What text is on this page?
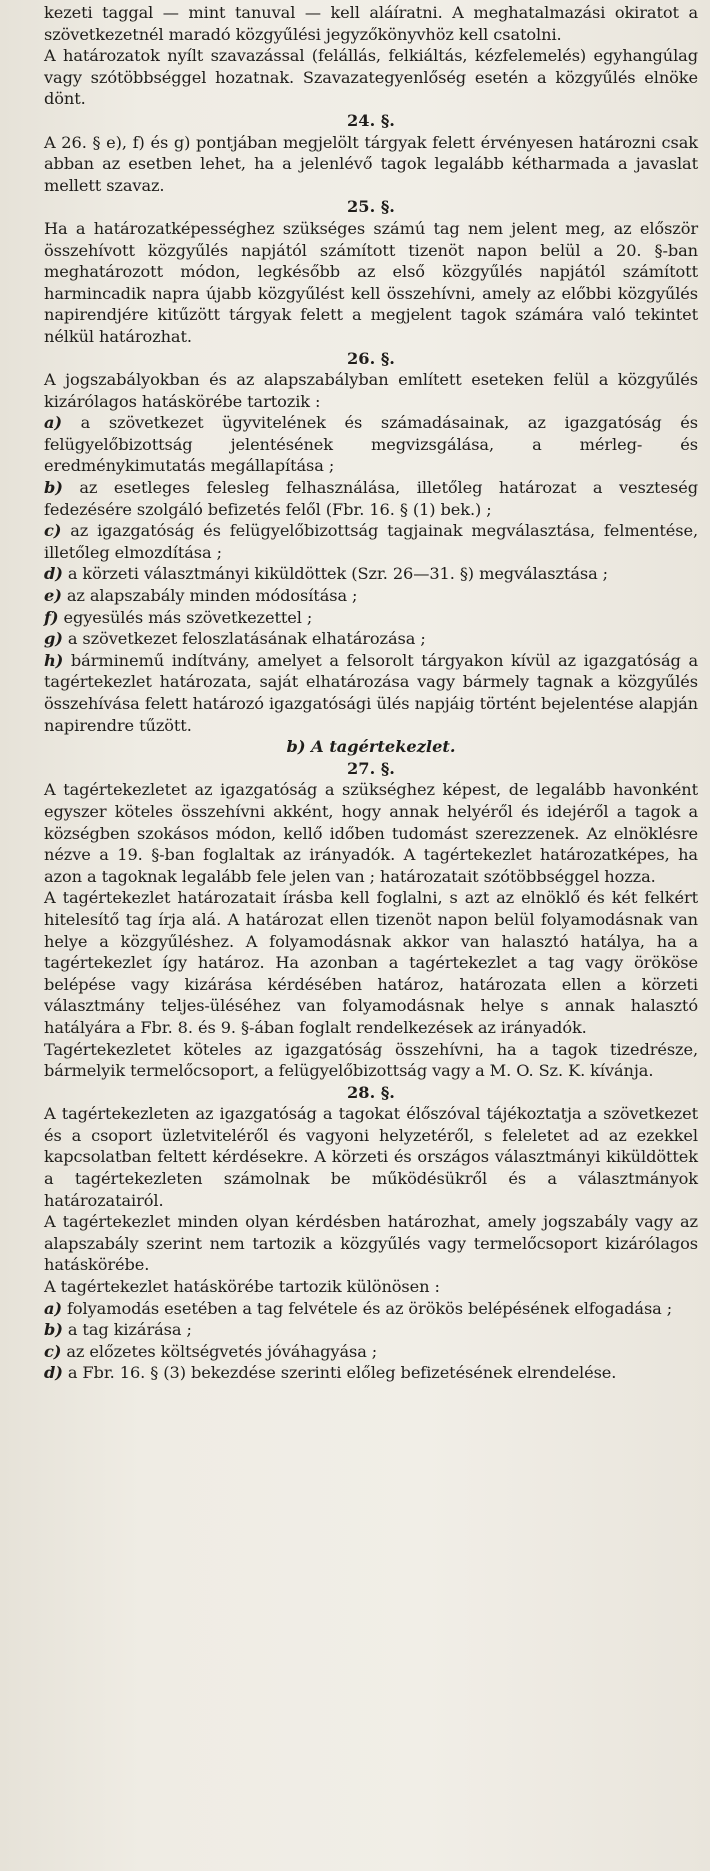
kezeti taggal — mint tanuval — kell aláíratni. A meghatalmazási okiratot a szövetkezetnél maradó közgyűlési jegyzőkönyvhöz kell csatolni.

A határozatok nyílt szavazással (felállás, felkiáltás, kézfelemelés) egyhangúlag vagy szótöbbséggel hozatnak. Szavazategyenlőség esetén a közgyűlés elnöke dönt.

24. §.

A 26. § e), f) és g) pontjában megjelölt tárgyak felett érvényesen határozni csak abban az esetben lehet, ha a jelenlévő tagok legalább kétharmada a javaslat mellett szavaz.

25. §.

Ha a határozatképességhez szükséges számú tag nem jelent meg, az először összehívott közgyűlés napjától számított tizenöt napon belül a 20. §-ban meghatározott módon, legkésőbb az első közgyűlés napjától számított harmincadik napra újabb közgyűlést kell összehívni, amely az előbbi közgyűlés napirendjére kitűzött tárgyak felett a megjelent tagok számára való tekintet nélkül határozhat.

26. §.

A jogszabályokban és az alapszabályban említett eseteken felül a közgyűlés kizárólagos hatáskörébe tartozik :

a) a szövetkezet ügyvitelének és számadásainak, az igazgatóság és felügyelőbizottság jelentésének megvizsgálása, a mérleg- és eredménykimutatás megállapítása ;

b) az esetleges felesleg felhasználása, illetőleg határozat a veszteség fedezésére szolgáló befizetés felől (Fbr. 16. § (1) bek.) ;

c) az igazgatóság és felügyelőbizottság tagjainak megválasztása, felmentése, illetőleg elmozdítása ;

d) a körzeti választmányi kiküldöttek (Szr. 26—31. §) megválasztása ;

e) az alapszabály minden módosítása ;

f) egyesülés más szövetkezettel ;

g) a szövetkezet feloszlatásának elhatározása ;

h) bárminemű indítvány, amelyet a felsorolt tárgyakon kívül az igazgatóság a tagértekezlet határozata, saját elhatározása vagy bármely tagnak a közgyűlés összehívása felett határozó igazgatósági ülés napjáig történt bejelentése alapján napirendre tűzött.

b) A tagértekezlet.

27. §.

A tagértekezletet az igazgatóság a szükséghez képest, de legalább havonként egyszer köteles összehívni akként, hogy annak helyéről és idejéről a tagok a községben szokásos módon, kellő időben tudomást szerezzenek. Az elnöklésre nézve a 19. §-ban foglaltak az irányadók. A tagértekezlet határozatképes, ha azon a tagoknak legalább fele jelen van ; határozatait szótöbbséggel hozza.

A tagértekezlet határozatait írásba kell foglalni, s azt az elnöklő és két felkért hitelesítő tag írja alá. A határozat ellen tizenöt napon belül folyamodásnak van helye a közgyűléshez. A folyamodásnak akkor van halasztó hatálya, ha a tagértekezlet így határoz. Ha azonban a tagértekezlet a tag vagy örököse belépése vagy kizárása kérdésében határoz, határozata ellen a körzeti választmány teljes-üléséhez van folyamodásnak helye s annak halasztó hatályára a Fbr. 8. és 9. §-ában foglalt rendelkezések az irányadók.

Tagértekezletet köteles az igazgatóság összehívni, ha a tagok tizedrésze, bármelyik termelőcsoport, a felügyelőbizottság vagy a M. O. Sz. K. kívánja.

28. §.

A tagértekezleten az igazgatóság a tagokat élőszóval tájékoztatja a szövetkezet és a csoport üzletviteléről és vagyoni helyzetéről, s feleletet ad az ezekkel kapcsolatban feltett kérdésekre. A körzeti és országos választmányi kiküldöttek a tagértekezleten számolnak be működésükről és a választmányok határozatairól.

A tagértekezlet minden olyan kérdésben határozhat, amely jogszabály vagy az alapszabály szerint nem tartozik a közgyűlés vagy termelőcsoport kizárólagos hatáskörébe.

A tagértekezlet hatáskörébe tartozik különösen :

a) folyamodás esetében a tag felvétele és az örökös belépésének elfogadása ;

b) a tag kizárása ;

c) az előzetes költségvetés jóváhagyása ;

d) a Fbr. 16. § (3) bekezdése szerinti előleg befizetésének elrendelése.
